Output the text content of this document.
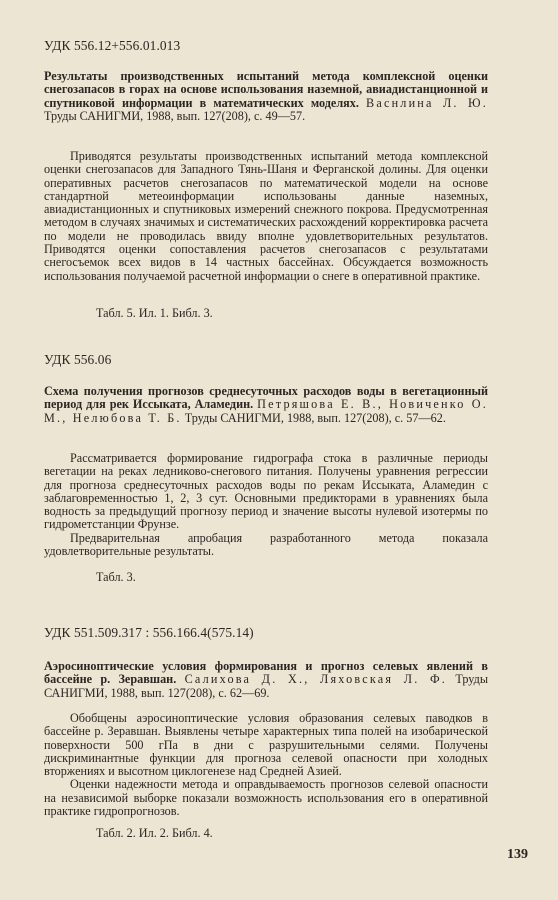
УДК 556.12+556.01.013
Результаты производственных испытаний метода комплексной оценки снегозапасов в горах на основе использования наземной, авиадистанционной и спутниковой информации в математических моделях. Васнлина Л. Ю. Труды САНИГМИ, 1988, вып. 127(208), с. 49—57.

Приводятся результаты производственных испытаний метода комплексной оценки снегозапасов для Западного Тянь-Шаня и Ферганской долины. Для оценки оперативных расчетов снегозапасов по математической модели на основе стандартной метеоинформации использованы данные наземных, авиадистанционных и спутниковых измерений снежного покрова. Предусмотренная методом в случаях значимых и систематических расхождений корректировка расчета по модели не проводилась ввиду вполне удовлетворительных результатов. Приводятся оценки сопоставления расчетов снегозапасов с результатами снегосъемок всех видов в 14 частных бассейнах. Обсуждается возможность использования получаемой расчетной информации о снеге в оперативной практике.

Табл. 5. Ил. 1. Библ. 3.

УДК 556.06
Схема получения прогнозов среднесуточных расходов воды в вегетационный период для рек Иссыката, Аламедин. Петряшова Е. В., Новиченко О. М., Нелюбова Т. Б. Труды САНИГМИ, 1988, вып. 127(208), с. 57—62.

Рассматривается формирование гидрографа стока в различные периоды вегетации на реках ледниково-снегового питания. Получены уравнения регрессии для прогноза среднесуточных расходов воды по рекам Иссыката, Аламедин с заблаговременностью 1, 2, 3 сут. Основными предикторами в уравнениях была водность за предыдущий прогнозу период и значение высоты нулевой изотермы по гидрометстанции Фрунзе.

Предварительная апробация разработанного метода показала удовлетворительные результаты.

Табл. 3.

УДК 551.509.317 : 556.166.4(575.14)
Аэросиноптические условия формирования и прогноз селевых явлений в бассейне р. Зеравшан. Салихова Д. Х., Ляховская Л. Ф. Труды САНИГМИ, 1988, вып. 127(208), с. 62—69.

Обобщены аэросиноптические условия образования селевых паводков в бассейне р. Зеравшан. Выявлены четыре характерных типа полей на изобарической поверхности 500 гПа в дни с разрушительными селями. Получены дискриминантные функции для прогноза селевой опасности при холодных вторжениях и высотном циклогенезе над Средней Азией.

Оценки надежности метода и оправдываемость прогнозов селевой опасности на независимой выборке показали возможность использования его в оперативной практике гидропрогнозов.

Табл. 2. Ил. 2. Библ. 4.

139
